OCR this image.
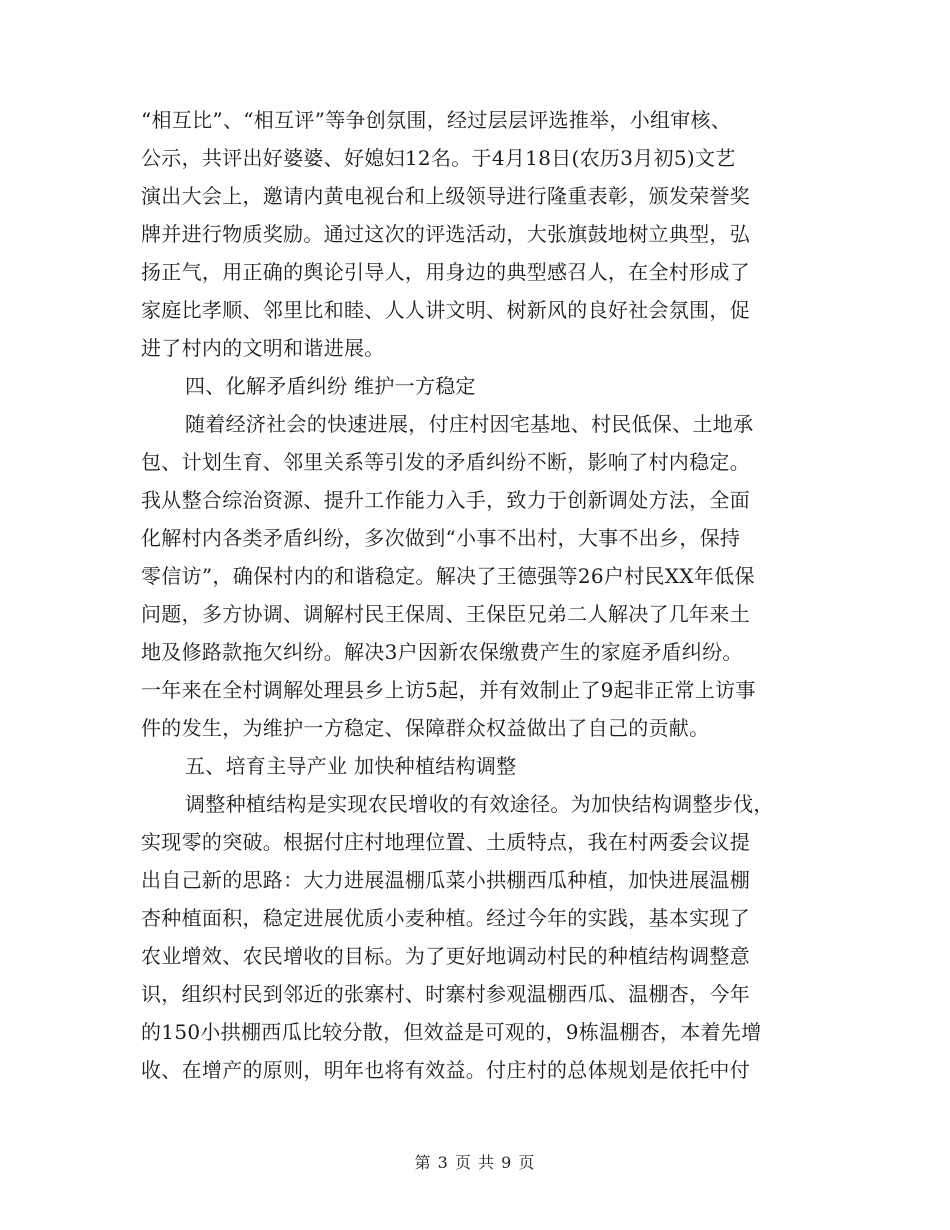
“相互比”、“相互评”等争创氛围，经过层层评选推举，小组审核、
公示，共评出好婆婆、好媳妇12名。于4月18日(农历3月初5)文艺
演出大会上，邀请内黄电视台和上级领导进行隆重表彰，颁发荣誉奖
牌并进行物质奖励。通过这次的评选活动，大张旗鼓地树立典型，弘
扬正气，用正确的舆论引导人，用身边的典型感召人，在全村形成了
家庭比孝顺、邻里比和睦、人人讲文明、树新风的良好社会氛围，促
进了村内的文明和谐进展。
四、化解矛盾纠纷 维护一方稳定
随着经济社会的快速进展，付庄村因宅基地、村民低保、土地承
包、计划生育、邻里关系等引发的矛盾纠纷不断，影响了村内稳定。
我从整合综治资源、提升工作能力入手，致力于创新调处方法，全面
化解村内各类矛盾纠纷，多次做到“小事不出村，大事不出乡，保持
零信访”，确保村内的和谐稳定。解决了王德强等26户村民XX年低保
问题，多方协调、调解村民王保周、王保臣兄弟二人解决了几年来土
地及修路款拖欠纠纷。解决3户因新农保缴费产生的家庭矛盾纠纷。
一年来在全村调解处理县乡上访5起，并有效制止了9起非正常上访事
件的发生，为维护一方稳定、保障群众权益做出了自己的贡献。
五、培育主导产业 加快种植结构调整
调整种植结构是实现农民增收的有效途径。为加快结构调整步伐，
实现零的突破。根据付庄村地理位置、土质特点，我在村两委会议提
出自己新的思路：大力进展温棚瓜菜小拱棚西瓜种植，加快进展温棚
杏种植面积，稳定进展优质小麦种植。经过今年的实践，基本实现了
农业增效、农民增收的目标。为了更好地调动村民的种植结构调整意
识，组织村民到邻近的张寨村、时寨村参观温棚西瓜、温棚杏，今年
的150小拱棚西瓜比较分散，但效益是可观的，9栋温棚杏，本着先增
收、在增产的原则，明年也将有效益。付庄村的总体规划是依托中付
第 3 页 共 9 页
